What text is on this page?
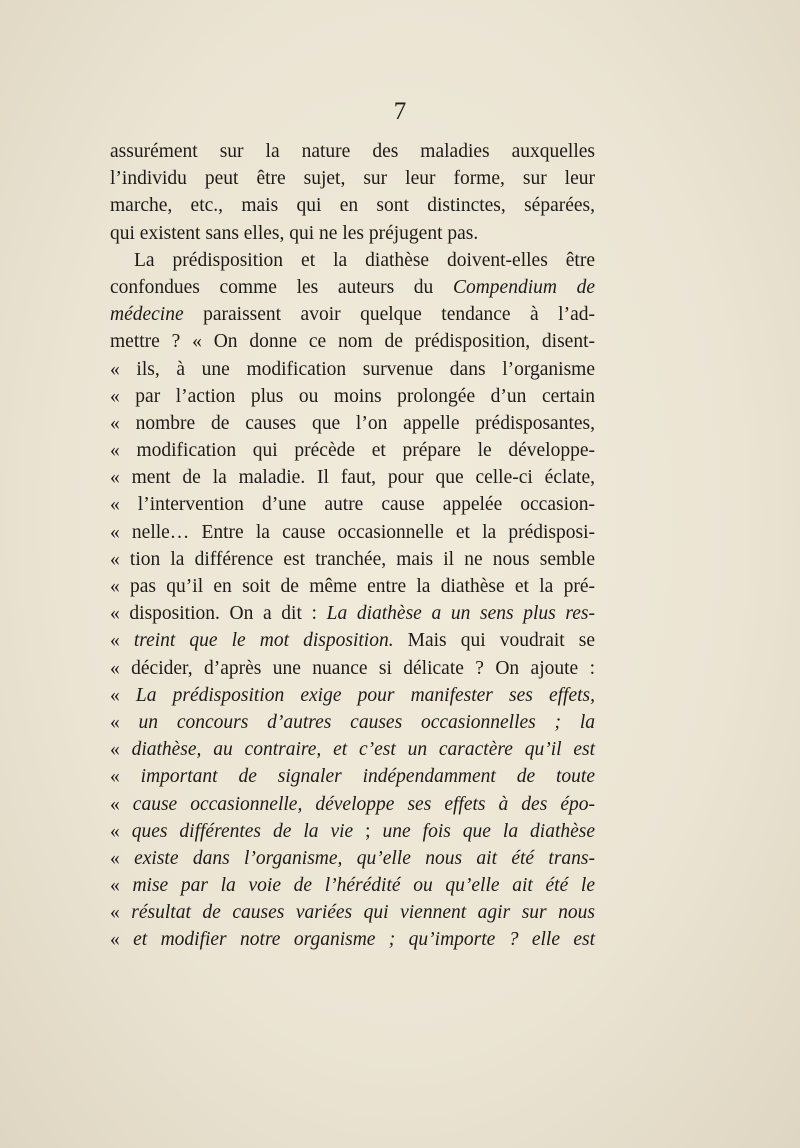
7
assurément sur la nature des maladies auxquelles
l’individu peut être sujet, sur leur forme, sur leur
marche, etc., mais qui en sont distinctes, séparées,
qui existent sans elles, qui ne les préjugent pas.
La prédisposition et la diathèse doivent-elles être
confondues comme les auteurs du Compendium de
médecine paraissent avoir quelque tendance à l’ad-
mettre ? « On donne ce nom de prédisposition, disent-
« ils, à une modification survenue dans l’organisme
« par l’action plus ou moins prolongée d’un certain
« nombre de causes que l’on appelle prédisposantes,
« modification qui précède et prépare le développe-
« ment de la maladie. Il faut, pour que celle-ci éclate,
« l’intervention d’une autre cause appelée occasion-
« nelle… Entre la cause occasionnelle et la prédisposi-
« tion la différence est tranchée, mais il ne nous semble
« pas qu’il en soit de même entre la diathèse et la pré-
« disposition. On a dit : La diathèse a un sens plus res-
« treint que le mot disposition. Mais qui voudrait se
« décider, d’après une nuance si délicate ? On ajoute :
« La prédisposition exige pour manifester ses effets,
« un concours d’autres causes occasionnelles ; la
« diathèse, au contraire, et c’est un caractère qu’il est
« important de signaler indépendamment de toute
« cause occasionnelle, développe ses effets à des épo-
« ques différentes de la vie ; une fois que la diathèse
« existe dans l’organisme, qu’elle nous ait été trans-
« mise par la voie de l’hérédité ou qu’elle ait été le
« résultat de causes variées qui viennent agir sur nous
« et modifier notre organisme ; qu’importe ? elle est
